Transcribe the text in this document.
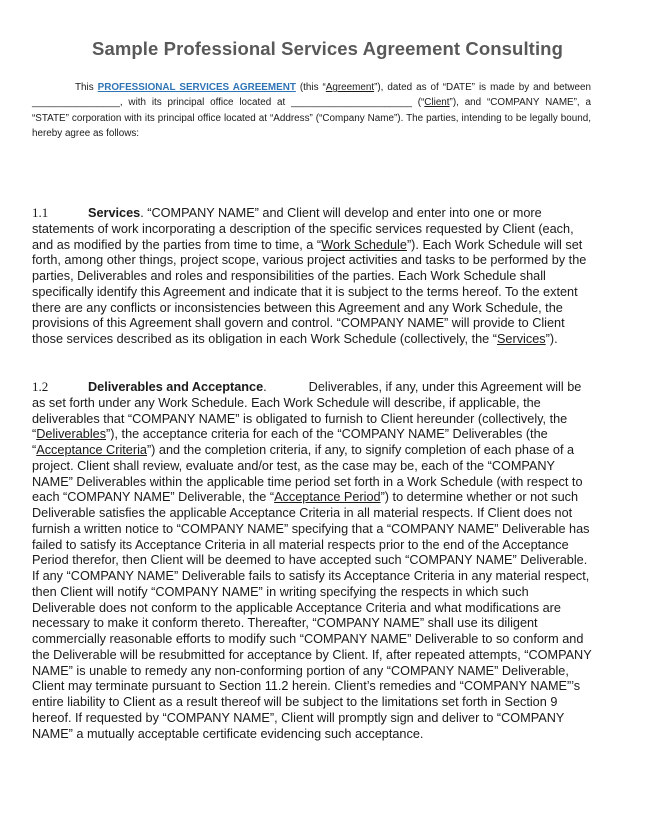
Sample Professional Services Agreement Consulting
This PROFESSIONAL SERVICES AGREEMENT (this “Agreement”), dated as of “DATE” is made by and between ________________, with its principal office located at ______________________ (“Client”), and “COMPANY NAME”, a “STATE” corporation with its principal office located at “Address” (“Company Name”). The parties, intending to be legally bound, hereby agree as follows:
1.1	Services. “COMPANY NAME” and Client will develop and enter into one or more statements of work incorporating a description of the specific services requested by Client (each, and as modified by the parties from time to time, a “Work Schedule”). Each Work Schedule will set forth, among other things, project scope, various project activities and tasks to be performed by the parties, Deliverables and roles and responsibilities of the parties. Each Work Schedule shall specifically identify this Agreement and indicate that it is subject to the terms hereof. To the extent there are any conflicts or inconsistencies between this Agreement and any Work Schedule, the provisions of this Agreement shall govern and control. “COMPANY NAME” will provide to Client those services described as its obligation in each Work Schedule (collectively, the “Services”).
1.2	Deliverables and Acceptance.	Deliverables, if any, under this Agreement will be as set forth under any Work Schedule. Each Work Schedule will describe, if applicable, the deliverables that “COMPANY NAME” is obligated to furnish to Client hereunder (collectively, the “Deliverables”), the acceptance criteria for each of the “COMPANY NAME” Deliverables (the “Acceptance Criteria”) and the completion criteria, if any, to signify completion of each phase of a project. Client shall review, evaluate and/or test, as the case may be, each of the “COMPANY NAME” Deliverables within the applicable time period set forth in a Work Schedule (with respect to each “COMPANY NAME” Deliverable, the “Acceptance Period”) to determine whether or not such Deliverable satisfies the applicable Acceptance Criteria in all material respects. If Client does not furnish a written notice to “COMPANY NAME” specifying that a “COMPANY NAME” Deliverable has failed to satisfy its Acceptance Criteria in all material respects prior to the end of the Acceptance Period therefor, then Client will be deemed to have accepted such “COMPANY NAME” Deliverable. If any “COMPANY NAME” Deliverable fails to satisfy its Acceptance Criteria in any material respect, then Client will notify “COMPANY NAME” in writing specifying the respects in which such Deliverable does not conform to the applicable Acceptance Criteria and what modifications are necessary to make it conform thereto. Thereafter, “COMPANY NAME” shall use its diligent commercially reasonable efforts to modify such “COMPANY NAME” Deliverable to so conform and the Deliverable will be resubmitted for acceptance by Client. If, after repeated attempts, “COMPANY NAME” is unable to remedy any non-conforming portion of any “COMPANY NAME” Deliverable, Client may terminate pursuant to Section 11.2 herein. Client’s remedies and “COMPANY NAME”’s entire liability to Client as a result thereof will be subject to the limitations set forth in Section 9 hereof. If requested by “COMPANY NAME”, Client will promptly sign and deliver to “COMPANY NAME” a mutually acceptable certificate evidencing such acceptance.
